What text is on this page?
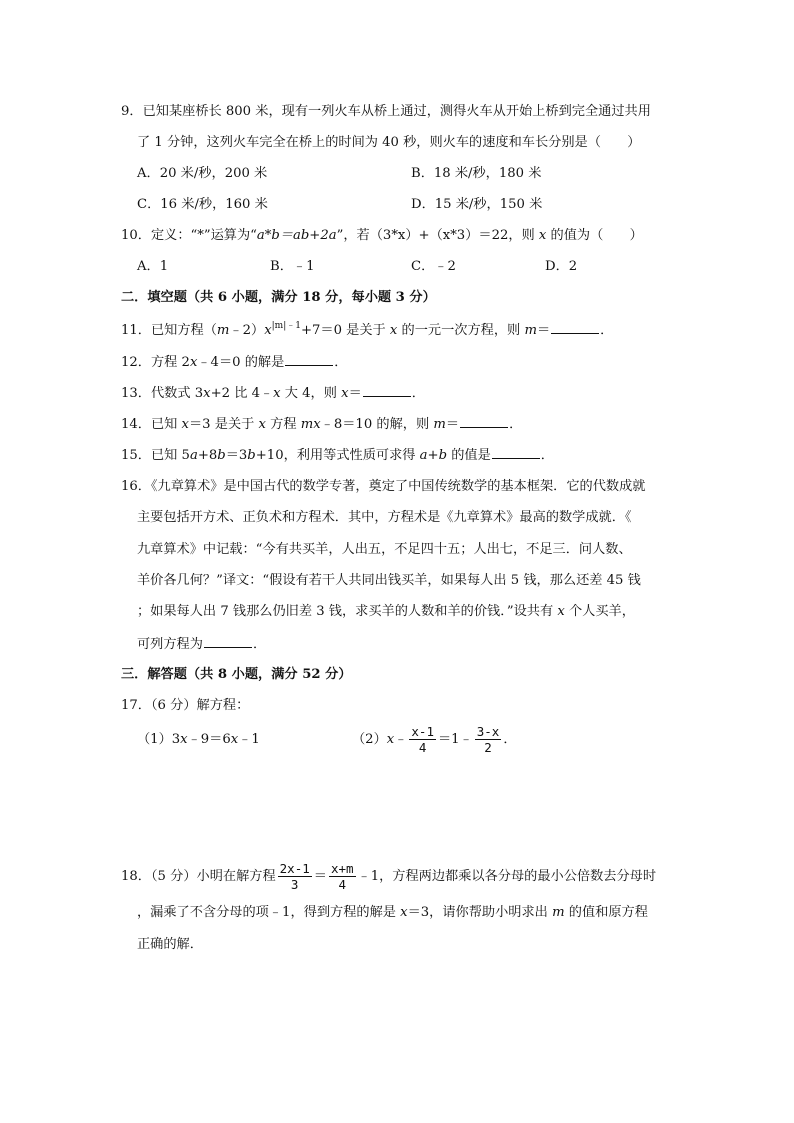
9．已知某座桥长 800 米，现有一列火车从桥上通过，测得火车从开始上桥到完全通过共用
了 1 分钟，这列火车完全在桥上的时间为 40 秒，则火车的速度和车长分别是（　　）
A．20 米/秒，200 米	B．18 米/秒，180 米
C．16 米/秒，160 米	D．15 米/秒，150 米
10．定义：“*”运算为“a*b＝ab+2a”，若（3*x）+（x*3）＝22，则 x 的值为（　　）
A．1	B．﹣1	C．﹣2	D．2
二．填空题（共 6 小题，满分 18 分，每小题 3 分）
11．已知方程$(m﹣2)x^{|m|﹣1}+7=0$ 是关于 x 的一元一次方程，则 m＝	．
12．方程 2x﹣4＝0 的解是	．
13．代数式 3x+2 比 4﹣x 大 4，则 x＝	．
14．已知 x＝3 是关于 x 方程 mx﹣8＝10 的解，则 m＝	．
15．已知 5a+8b＝3b+10，利用等式性质可求得 a+b 的值是	．
16．《九章算术》是中国古代的数学专著，奠定了中国传统数学的基本框架．它的代数成就
主要包括开方术、正负术和方程术．其中，方程术是《九章算术》最高的数学成就．《
九章算术》中记载：“今有共买羊，人出五，不足四十五；人出七，不足三．问人数、
羊价各几何？”译文：“假设有若干人共同出钱买羊，如果每人出 5 钱，那么还差 45 钱
；如果每人出 7 钱那么仍旧差 3 钱，求买羊的人数和羊的价钱．”设共有 x 个人买羊，
可列方程为	．
三．解答题（共 8 小题，满分 52 分）
17．（6 分）解方程：
（1）3x﹣9＝6x﹣1	（2）x﹣ $\frac{x-1}{4}$ ＝1﹣ $\frac{3-x}{2}$ ．
18．（5 分）小明在解方程 $\frac{2x-1}{3} = \frac{x+m}{4}$ ﹣1，方程两边都乘以各分母的最小公倍数去分母时
，漏乘了不含分母的项﹣1，得到方程的解是 x＝3，请你帮助小明求出 m 的值和原方程
正确的解．
